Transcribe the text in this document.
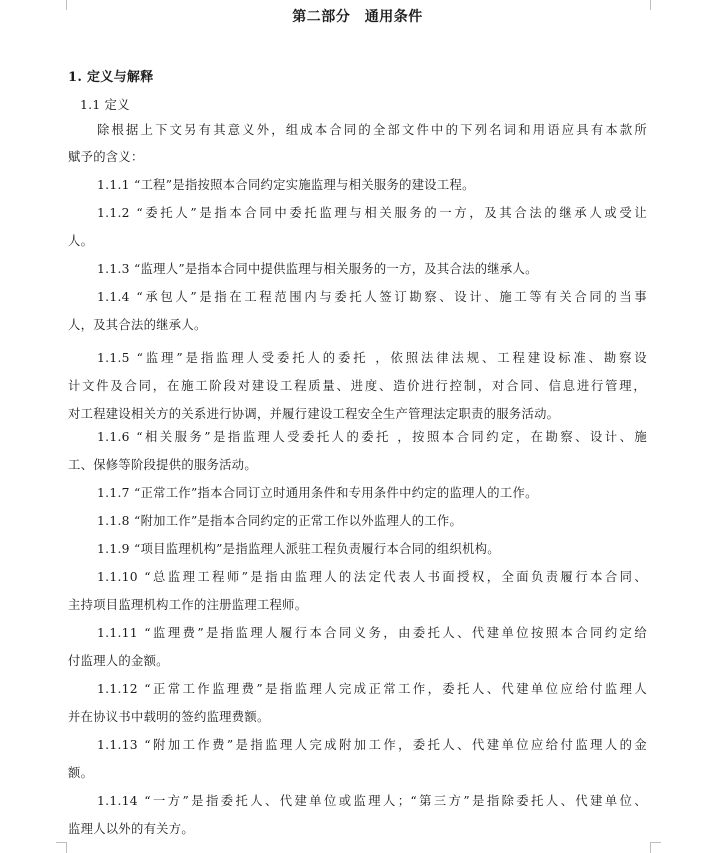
第二部分　通用条件
1. 定义与解释
1.1 定义
除根据上下文另有其意义外，组成本合同的全部文件中的下列名词和用语应具有本款所
赋予的含义：
1.1.1 “工程”是指按照本合同约定实施监理与相关服务的建设工程。
1.1.2 “委托人”是指本合同中委托监理与相关服务的一方，及其合法的继承人或受让
人。
1.1.3 “监理人”是指本合同中提供监理与相关服务的一方，及其合法的继承人。
1.1.4 “承包人”是指在工程范围内与委托人签订勘察、设计、施工等有关合同的当事
人，及其合法的继承人。
1.1.5 “监理”是指监理人受委托人的委托 ，依照法律法规、工程建设标准、勘察设
计文件及合同，在施工阶段对建设工程质量、进度、造价进行控制，对合同、信息进行管理，
对工程建设相关方的关系进行协调，并履行建设工程安全生产管理法定职责的服务活动。
1.1.6 “相关服务”是指监理人受委托人的委托 ，按照本合同约定，在勘察、设计、施
工、保修等阶段提供的服务活动。
1.1.7 “正常工作”指本合同订立时通用条件和专用条件中约定的监理人的工作。
1.1.8 “附加工作”是指本合同约定的正常工作以外监理人的工作。
1.1.9 “项目监理机构”是指监理人派驻工程负责履行本合同的组织机构。
1.1.10 “总监理工程师”是指由监理人的法定代表人书面授权，全面负责履行本合同、
主持项目监理机构工作的注册监理工程师。
1.1.11 “监理费”是指监理人履行本合同义务，由委托人、代建单位按照本合同约定给
付监理人的金额。
1.1.12 “正常工作监理费”是指监理人完成正常工作，委托人、代建单位应给付监理人
并在协议书中载明的签约监理费额。
1.1.13 “附加工作费”是指监理人完成附加工作，委托人、代建单位应给付监理人的金
额。
1.1.14 “一方”是指委托人、代建单位或监理人；“第三方”是指除委托人、代建单位、
监理人以外的有关方。
